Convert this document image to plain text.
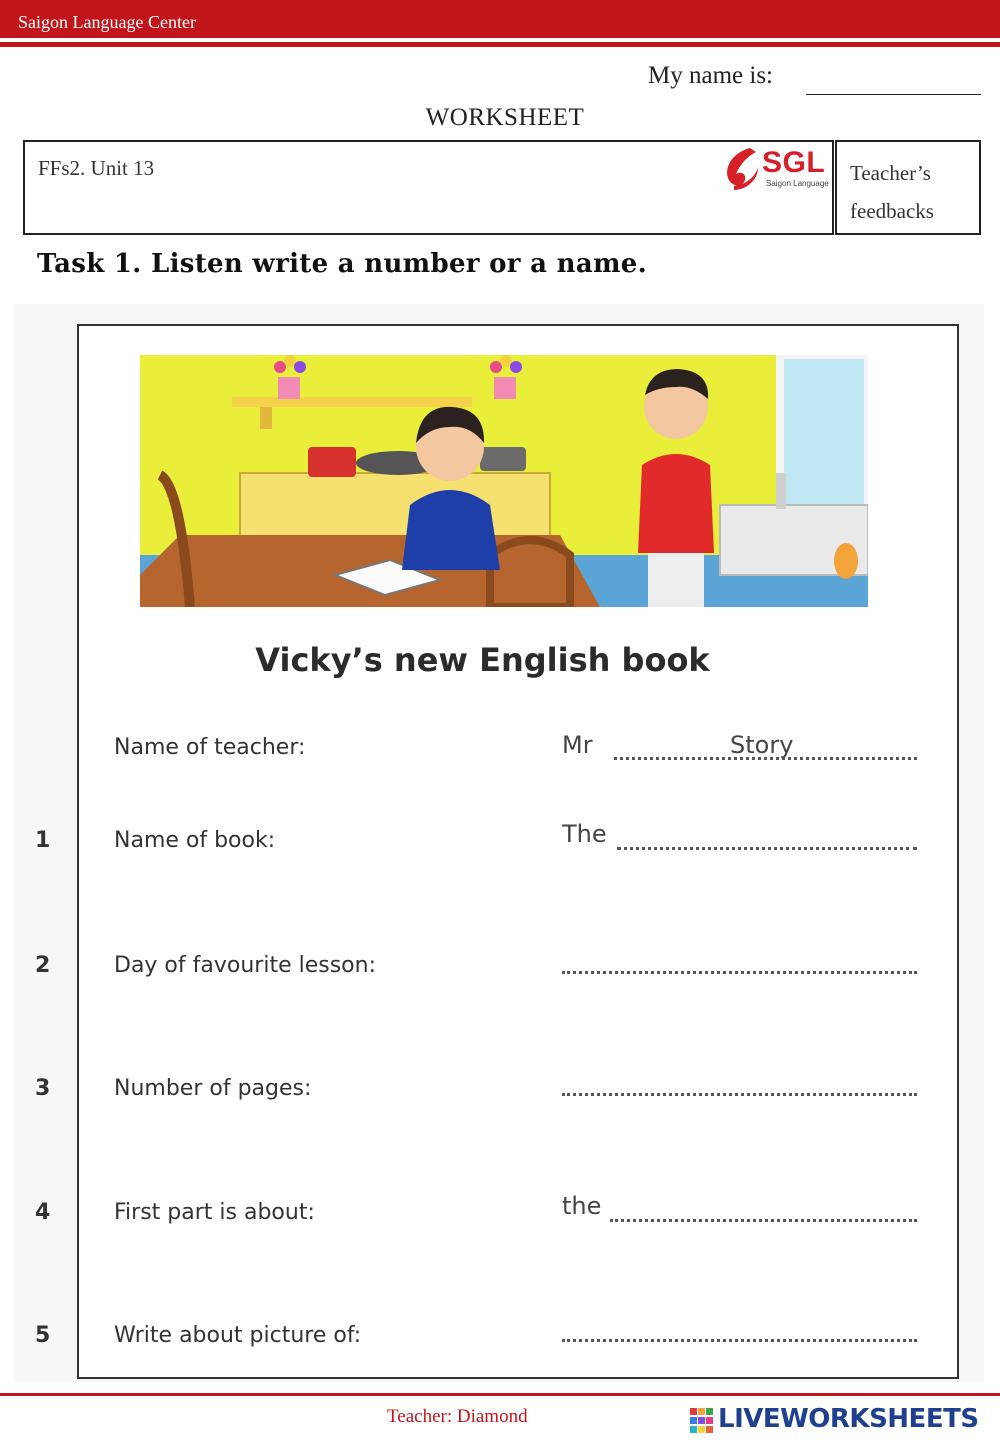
Saigon Language Center
My name is:
WORKSHEET
FFs2. Unit 13	SGL
Saigon Language Teacher’s feedbacks
Task 1. Listen write a number or a name.
Vicky’s new English book
Name of teacher:	Mr	Story
1	Name of book:	The
2	Day of favourite lesson:
3	Number of pages:
4	First part is about:	the
5	Write about picture of:
Teacher: Diamond	LIVEWORKSHEETS
